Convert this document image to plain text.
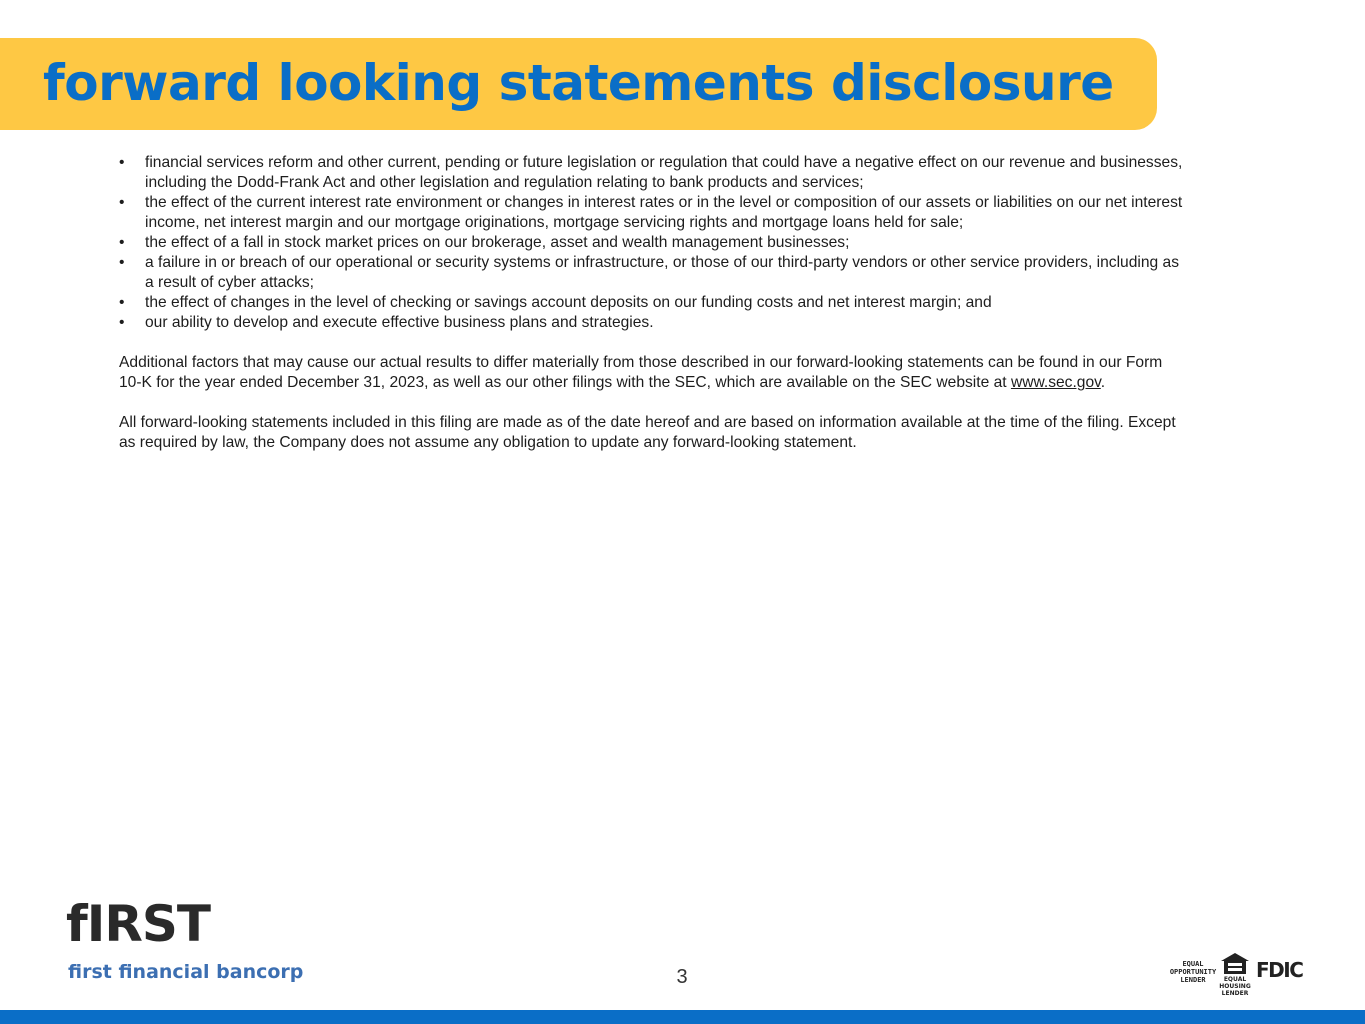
forward looking statements disclosure
• financial services reform and other current, pending or future legislation or regulation that could have a negative effect on our revenue and businesses, including the Dodd-Frank Act and other legislation and regulation relating to bank products and services;
• the effect of the current interest rate environment or changes in interest rates or in the level or composition of our assets or liabilities on our net interest income, net interest margin and our mortgage originations, mortgage servicing rights and mortgage loans held for sale;
• the effect of a fall in stock market prices on our brokerage, asset and wealth management businesses;
• a failure in or breach of our operational or security systems or infrastructure, or those of our third-party vendors or other service providers, including as a result of cyber attacks;
• the effect of changes in the level of checking or savings account deposits on our funding costs and net interest margin; and
• our ability to develop and execute effective business plans and strategies.

Additional factors that may cause our actual results to differ materially from those described in our forward-looking statements can be found in our Form 10-K for the year ended December 31, 2023, as well as our other filings with the SEC, which are available on the SEC website at www.sec.gov.

All forward-looking statements included in this filing are made as of the date hereof and are based on information available at the time of the filing. Except as required by law, the Company does not assume any obligation to update any forward-looking statement.

fIRST
first financial bancorp	3
EQUAL
OPPORTUNITY
LENDER	EQUAL HOUSING
LENDER
FDIC
